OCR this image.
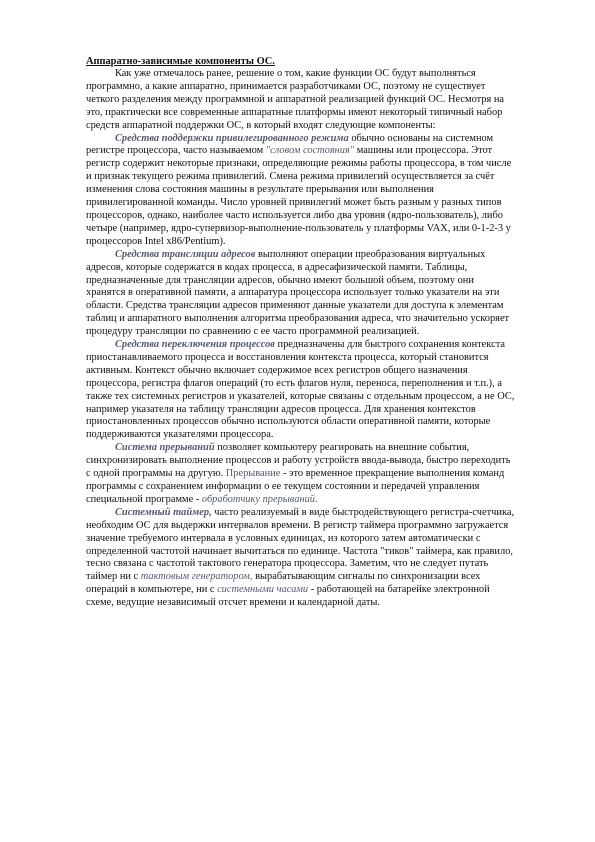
Аппаратно-зависимые компоненты ОС.

Как уже отмечалось ранее, решение о том, какие функции ОС будут выполняться программно, а какие аппаратно, принимается разработчиками ОС, поэтому не существует четкого разделения между программной и аппаратной реализацией функций ОС. Несмотря на это, практически все современные аппаратные платформы имеют некоторый типичный набор средств аппаратной поддержки ОС, в который входят следующие компоненты:

Средства поддержки привилегированного режима обычно основаны на системном регистре процессора, часто называемом "словом состояния" машины или процессора. Этот регистр содержит некоторые признаки, определяющие режимы работы процессора, в том числе и признак текущего режима привилегий. Смена режима привилегий осуществляется за счёт изменения слова состояния машины в результате прерывания или выполнения привилегированной команды. Число уровней привилегий может быть разным у разных типов процессоров, однако, наиболее часто используется либо два уровня (ядро-пользователь), либо четыре (например, ядро-супервизор-выполнение-пользователь у платформы VAX, или 0-1-2-3 у процессоров Intel x86/Pentium).

Средства трансляции адресов выполняют операции преобразования виртуальных адресов, которые содержатся в кодах процесса, в адресафизической памяти. Таблицы, предназначенные для трансляции адресов, обычно имеют большой объем, поэтому они хранятся в оперативной памяти, а аппаратура процессора использует только указатели на эти области. Средства трансляции адресов применяют данные указатели для доступа к элементам таблиц и аппаратного выполнения алгоритма преобразования адреса, что значительно ускоряет процедуру трансляции по сравнению с ее часто программной реализацией.

Средства переключения процессов предназначены для быстрого сохранения контекста приостанавливаемого процесса и восстановления контекста процесса, который становится активным. Контекст обычно включает содержимое всех регистров общего назначения процессора, регистра флагов операций (то есть флагов нуля, переноса, переполнения и т.п.), а также тех системных регистров и указателей, которые связаны с отдельным процессом, а не ОС, например указателя на таблицу трансляции адресов процесса. Для хранения контекстов приостановленных процессов обычно используются области оперативной памяти, которые поддерживаются указателями процессора.

Система прерываний позволяет компьютеру реагировать на внешние события, синхронизировать выполнение процессов и работу устройств ввода-вывода, быстро переходить с одной программы на другую. Прерывание - это временное прекращение выполнения команд программы с сохранением информации о ее текущем состоянии и передачей управления специальной программе - обработчику прерываний.

Системный таймер, часто реализуемый в виде быстродействующего регистра-счетчика, необходим ОС для выдержки интервалов времени. В регистр таймера программно загружается значение требуемого интервала в условных единицах, из которого затем автоматически с определенной частотой начинает вычитаться по единице. Частота "тиков" таймера, как правило, тесно связана с частотой тактового генератора процессора. Заметим, что не следует путать таймер ни с тактовым генератором, вырабатывающим сигналы по синхронизации всех операций в компьютере, ни с системными часами - работающей на батарейке электронной схеме, ведущие независимый отсчет времени и календарной даты.
